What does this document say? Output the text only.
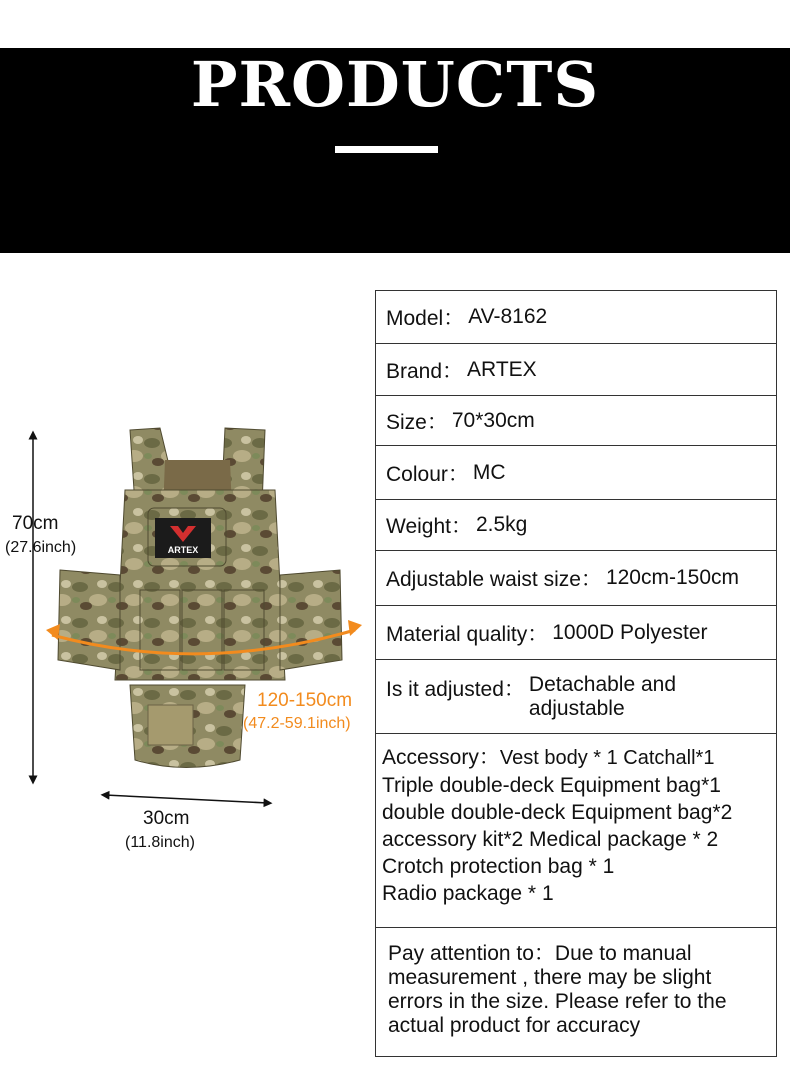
PRODUCTS
ARTEX
70cm
(27.6inch)
120-150cm
(47.2-59.1inch)
30cm
(11.8inch)
Model： AV-8162
Brand： ARTEX
Size： 70*30cm
Colour： MC
Weight： 2.5kg
Adjustable waist size： 120cm-150cm
Material quality： 1000D Polyester
Is it adjusted： Detachable and
adjustable
Accessory：Vest body * 1 Catchall*1
Triple double-deck Equipment bag*1
double double-deck Equipment bag*2
accessory kit*2 Medical package * 2
Crotch protection bag * 1
Radio package * 1
Pay attention to：Due to manual
measurement , there may be slight
errors in the size. Please refer to the
actual product for accuracy
